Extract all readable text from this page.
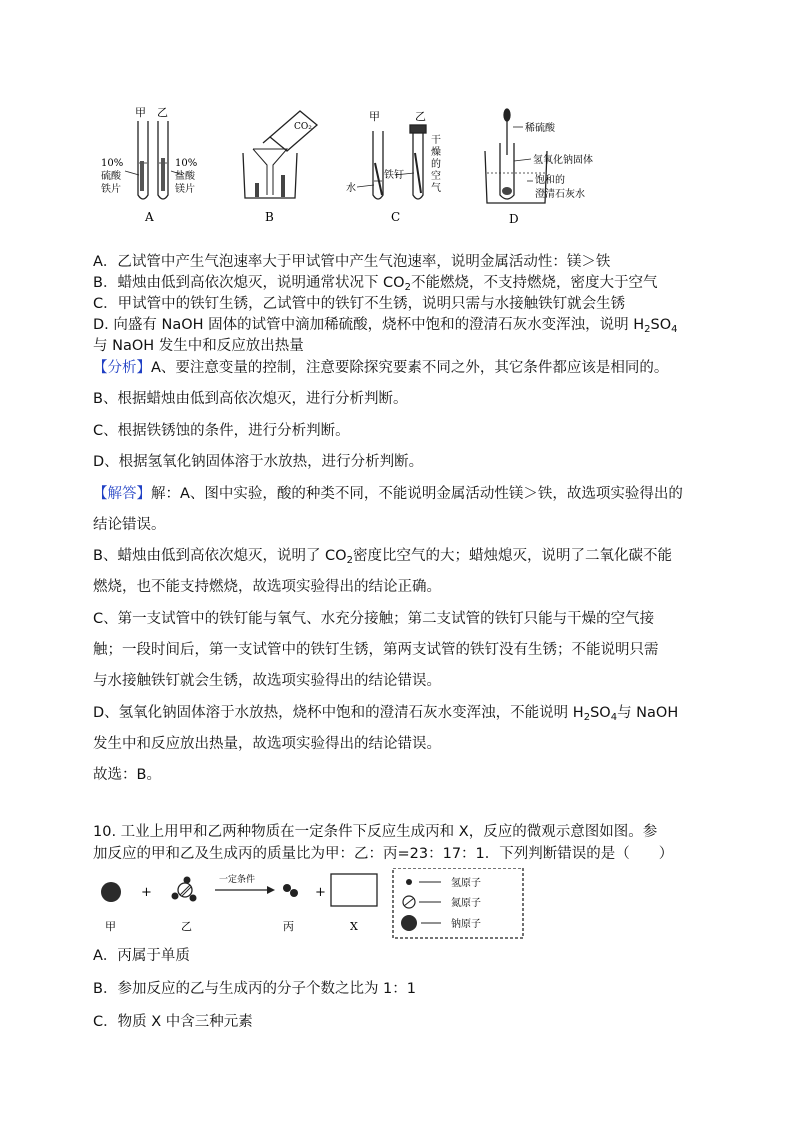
甲 乙
10%
硫酸
铁片
10%
盐酸
镁片
A
CO₂
B
甲	乙
水
铁钉
干
燥
的
空
气
C
稀硫酸
氢氧化钠固体
饱和的
澄清石灰水
D
A．乙试管中产生气泡速率大于甲试管中产生气泡速率，说明金属活动性：镁＞铁
B．蜡烛由低到高依次熄灭，说明通常状况下 $CO_2$不能燃烧，不支持燃烧，密度大于空气
C．甲试管中的铁钉生锈，乙试管中的铁钉不生锈，说明只需与水接触铁钉就会生锈
D. 向盛有 NaOH 固体的试管中滴加稀硫酸，烧杯中饱和的澄清石灰水变浑浊，说明 $H_2SO_4$
与 NaOH 发生中和反应放出热量
【分析】A、要注意变量的控制，注意要除探究要素不同之外，其它条件都应该是相同的。
B、根据蜡烛由低到高依次熄灭，进行分析判断。
C、根据铁锈蚀的条件，进行分析判断。
D、根据氢氧化钠固体溶于水放热，进行分析判断。
【解答】解：A、图中实验，酸的种类不同，不能说明金属活动性镁＞铁，故选项实验得出的
结论错误。
B、蜡烛由低到高依次熄灭，说明了 $CO_2$密度比空气的大；蜡烛熄灭，说明了二氧化碳不能
燃烧，也不能支持燃烧，故选项实验得出的结论正确。
C、第一支试管中的铁钉能与氧气、水充分接触；第二支试管的铁钉只能与干燥的空气接
触；一段时间后，第一支试管中的铁钉生锈，第两支试管的铁钉没有生锈；不能说明只需
与水接触铁钉就会生锈，故选项实验得出的结论错误。
D、氢氧化钠固体溶于水放热，烧杯中饱和的澄清石灰水变浑浊，不能说明 $H_2SO_4$与 NaOH
发生中和反应放出热量，故选项实验得出的结论错误。
故选：B。
10. 工业上用甲和乙两种物质在一定条件下反应生成丙和 X，反应的微观示意图如图。参
加反应的甲和乙及生成丙的质量比为甲：乙：丙=23：17：1．下列判断错误的是（　　）
+
一定条件
+
甲	乙	丙	X
氢原子
氮原子
钠原子
A．丙属于单质
B．参加反应的乙与生成丙的分子个数之比为 1：1
C．物质 X 中含三种元素
